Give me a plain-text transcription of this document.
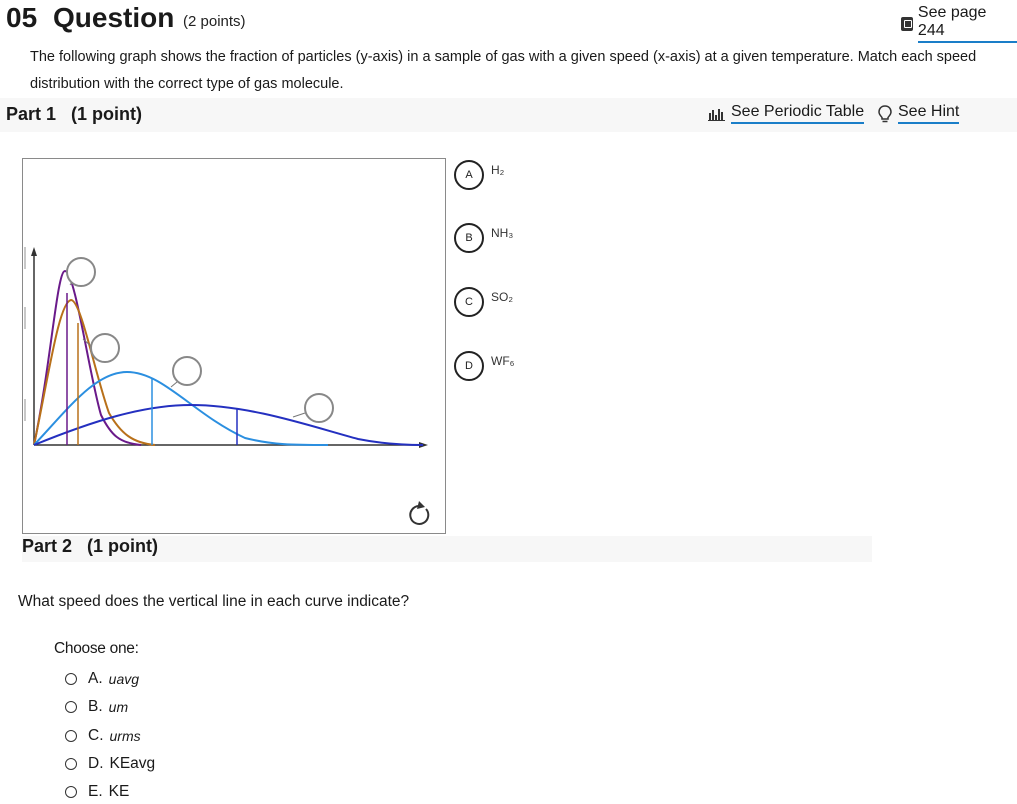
05 Question (2 points)
See page 244
The following graph shows the fraction of particles (y-axis) in a sample of gas with a given speed (x-axis) at a given temperature. Match each speed distribution with the correct type of gas molecule.
Part 1   (1 point)	See Periodic Table See Hint
A	H₂
B	NH₃
C	SO₂
D	WF₆
Part 2   (1 point)
What speed does the vertical line in each curve indicate?
Choose one:
A. uavg
B. um
C. urms
D. KEavg
E. KE
